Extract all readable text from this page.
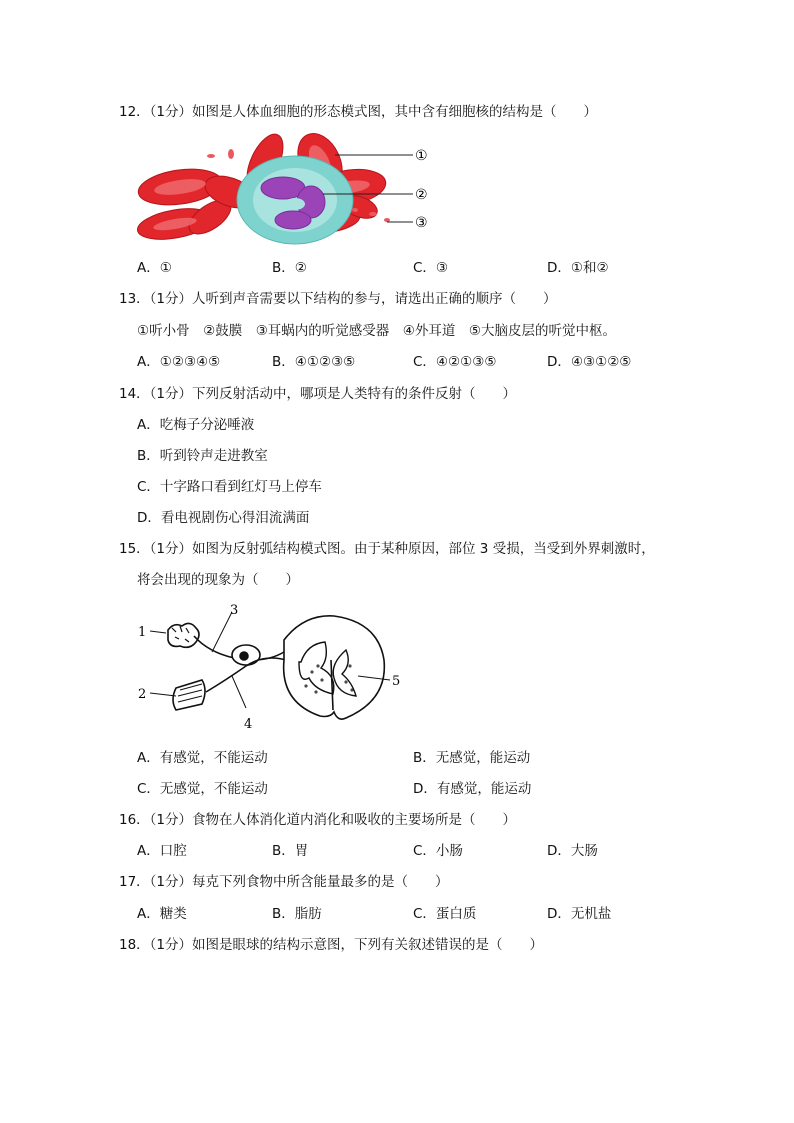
12．（1分）如图是人体血细胞的形态模式图，其中含有细胞核的结构是（　　）
①
②
③
A．①	B．②	C．③	D．①和②
13．（1分）人听到声音需要以下结构的参与，请选出正确的顺序（　　）
①听小骨　②鼓膜　③耳蜗内的听觉感受器　④外耳道　⑤大脑皮层的听觉中枢。
A．①②③④⑤	B．④①②③⑤	C．④②①③⑤	D．④③①②⑤
14．（1分）下列反射活动中，哪项是人类特有的条件反射（　　）
A．吃梅子分泌唾液
B．听到铃声走进教室
C．十字路口看到红灯马上停车
D．看电视剧伤心得泪流满面
15．（1分）如图为反射弧结构模式图。由于某种原因，部位 3 受损，当受到外界刺激时，
将会出现的现象为（　　）
1
2
3
4
5
A．有感觉，不能运动	B．无感觉，能运动
C．无感觉，不能运动	D．有感觉，能运动
16．（1分）食物在人体消化道内消化和吸收的主要场所是（　　）
A．口腔	B．胃	C．小肠	D．大肠
17．（1分）每克下列食物中所含能量最多的是（　　）
A．糖类	B．脂肪	C．蛋白质	D．无机盐
18．（1分）如图是眼球的结构示意图，下列有关叙述错误的是（　　）
